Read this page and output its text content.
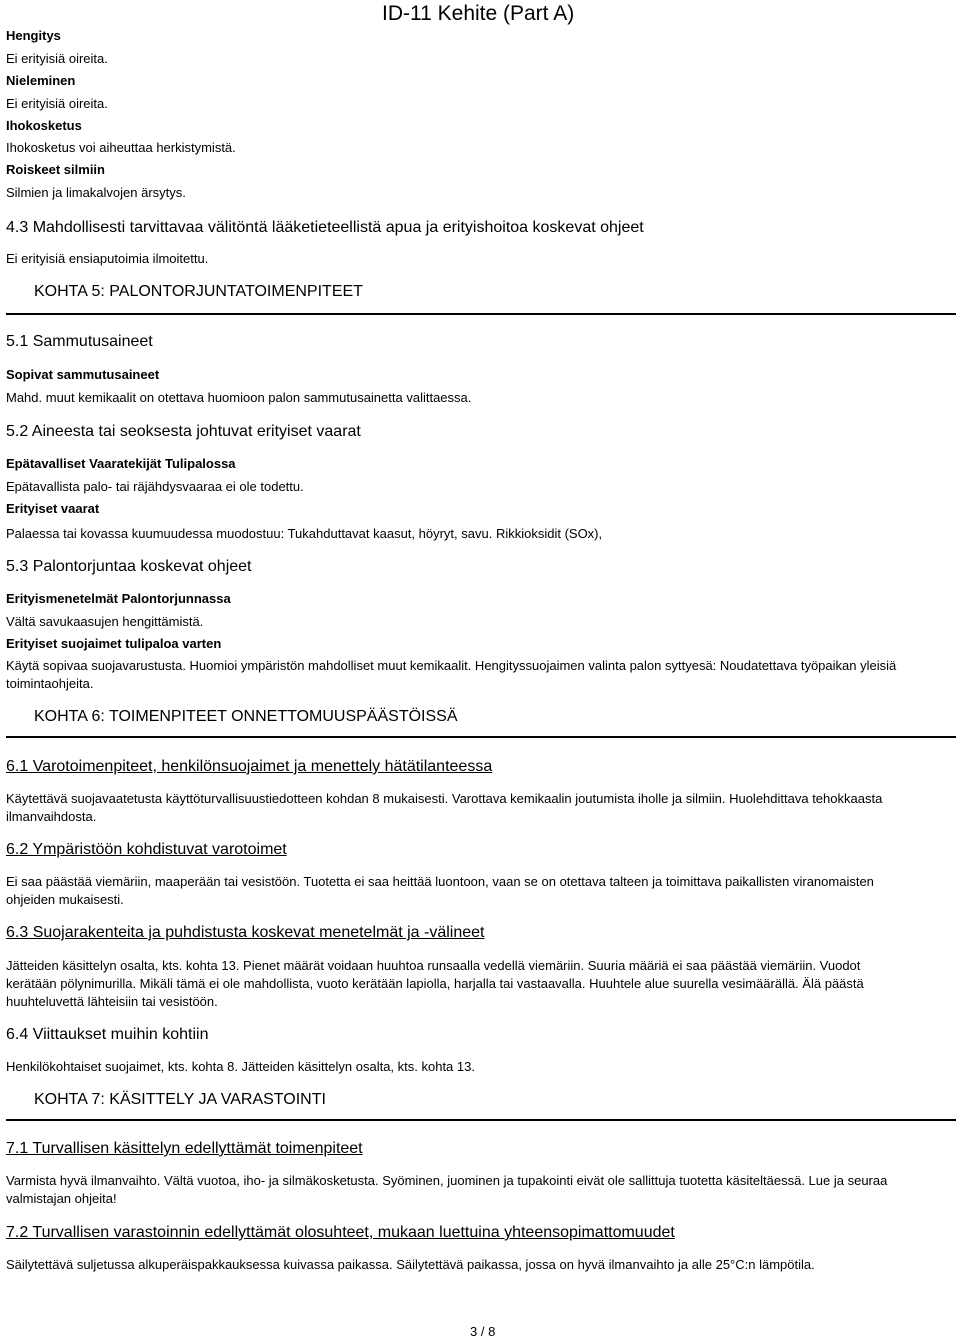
ID-11 Kehite (Part A)

Hengitys

Ei erityisiä oireita.

Nieleminen

Ei erityisiä oireita.

Ihokosketus

Ihokosketus voi aiheuttaa herkistymistä.

Roiskeet silmiin

Silmien ja limakalvojen ärsytys.

4.3 Mahdollisesti tarvittavaa välitöntä lääketieteellistä apua ja erityishoitoa koskevat ohjeet

Ei erityisiä ensiaputoimia ilmoitettu.

KOHTA 5: PALONTORJUNTATOIMENPITEET

5.1 Sammutusaineet

Sopivat sammutusaineet

Mahd. muut kemikaalit on otettava huomioon palon sammutusainetta valittaessa.

5.2 Aineesta tai seoksesta johtuvat erityiset vaarat

Epätavalliset Vaaratekijät Tulipalossa

Epätavallista palo- tai räjähdysvaaraa ei ole todettu.

Erityiset vaarat

Palaessa tai kovassa kuumuudessa muodostuu: Tukahduttavat kaasut, höyryt, savu. Rikkioksidit (SOx),

5.3 Palontorjuntaa koskevat ohjeet

Erityismenetelmät Palontorjunnassa

Vältä savukaasujen hengittämistä.

Erityiset suojaimet tulipaloa varten

Käytä sopivaa suojavarustusta. Huomioi ympäristön mahdolliset muut kemikaalit. Hengityssuojaimen valinta palon syttyesä: Noudatettava työpaikan yleisiä toimintaohjeita.

KOHTA 6: TOIMENPITEET ONNETTOMUUSPÄÄSTÖISSÄ

6.1 Varotoimenpiteet, henkilönsuojaimet ja menettely hätätilanteessa

Käytettävä suojavaatetusta käyttöturvallisuustiedotteen kohdan 8 mukaisesti. Varottava kemikaalin joutumista iholle ja silmiin. Huolehdittava tehokkaasta ilmanvaihdosta.

6.2 Ympäristöön kohdistuvat varotoimet

Ei saa päästää viemäriin, maaperään tai vesistöön. Tuotetta ei saa heittää luontoon, vaan se on otettava talteen ja toimittava paikallisten viranomaisten ohjeiden mukaisesti.

6.3 Suojarakenteita ja puhdistusta koskevat menetelmät ja -välineet

Jätteiden käsittelyn osalta, kts. kohta 13. Pienet määrät voidaan huuhtoa runsaalla vedellä viemäriin. Suuria määriä ei saa päästää viemäriin. Vuodot kerätään pölynimurilla. Mikäli tämä ei ole mahdollista, vuoto kerätään lapiolla, harjalla tai vastaavalla. Huuhtele alue suurella vesimäärällä. Älä päästä huuhteluvettä lähteisiin tai vesistöön.

6.4 Viittaukset muihin kohtiin

Henkilökohtaiset suojaimet, kts. kohta 8. Jätteiden käsittelyn osalta, kts. kohta 13.

KOHTA 7: KÄSITTELY JA VARASTOINTI

7.1 Turvallisen käsittelyn edellyttämät toimenpiteet

Varmista hyvä ilmanvaihto. Vältä vuotoa, iho- ja silmäkosketusta. Syöminen, juominen ja tupakointi eivät ole sallittuja tuotetta käsiteltäessä. Lue ja seuraa valmistajan ohjeita!

7.2 Turvallisen varastoinnin edellyttämät olosuhteet, mukaan luettuina yhteensopimattomuudet

Säilytettävä suljetussa alkuperäispakkauksessa kuivassa paikassa. Säilytettävä paikassa, jossa on hyvä ilmanvaihto ja alle 25°C:n lämpötila.

3 / 8
